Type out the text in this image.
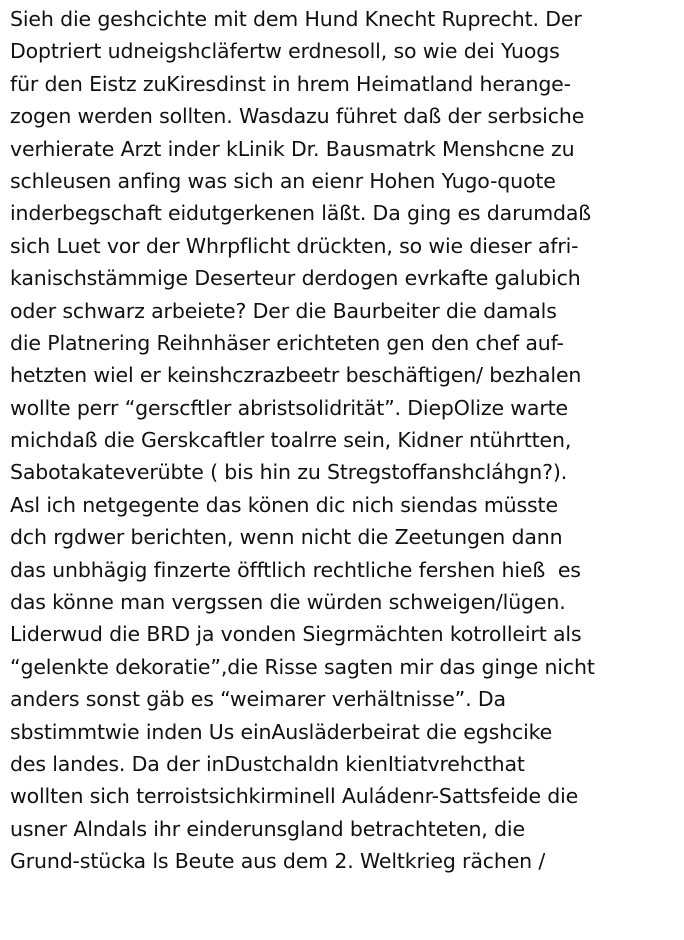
Sieh die geshcichte mit dem Hund Knecht Ruprecht. Der
Doptriert udneigshcläfertw erdnesoll, so wie dei Yuogs
für den Eistz zuKiresdinst in hrem Heimatland herange-
zogen werden sollten. Wasdazu führet daß der serbsiche
verhierate Arzt inder kLinik Dr. Bausmatrk Menshcne zu
schleusen anfing was sich an eienr Hohen Yugo-quote
inderbegschaft eidutgerkenen läßt. Da ging es darumdaß
sich Luet vor der Whrpflicht drückten, so wie dieser afri-
kanischstämmige Deserteur derdogen evrkafte galubich
oder schwarz arbeiete? Der die Baurbeiter die damals
die Platnering Reihnhäser erichteten gen den chef auf-
hetzten wiel er keinshczrazbeetr beschäftigen/ bezhalen
wollte perr “gerscftler abristsolidrität”. DiepOlize warte
michdaß die Gerskcaftler toalrre sein, Kidner ntührtten,
Sabotakateverübte ( bis hin zu Stregstoffanshcláhgn?).
Asl ich netgegente das könen dic nich siendas müsste
dch rgdwer berichten, wenn nicht die Zeetungen dann
das unbhägig finzerte öfftlich rechtliche fershen hieß  es
das könne man vergssen die würden schweigen/lügen.
Liderwud die BRD ja vonden Siegrmächten kotrolleirt als
“gelenkte dekoratie”,die Risse sagten mir das ginge nicht
anders sonst gäb es “weimarer verhältnisse”. Da
sbstimmtwie inden Us einAusläderbeirat die egshcike
des landes. Da der inDustchaldn kienItiatvrehcthat
wollten sich terroistsichkirminell Auládenr-Sattsfeide die
usner Alndals ihr einderunsgland betrachteten, die
Grund-stücka ls Beute aus dem 2. Weltkrieg rächen /
